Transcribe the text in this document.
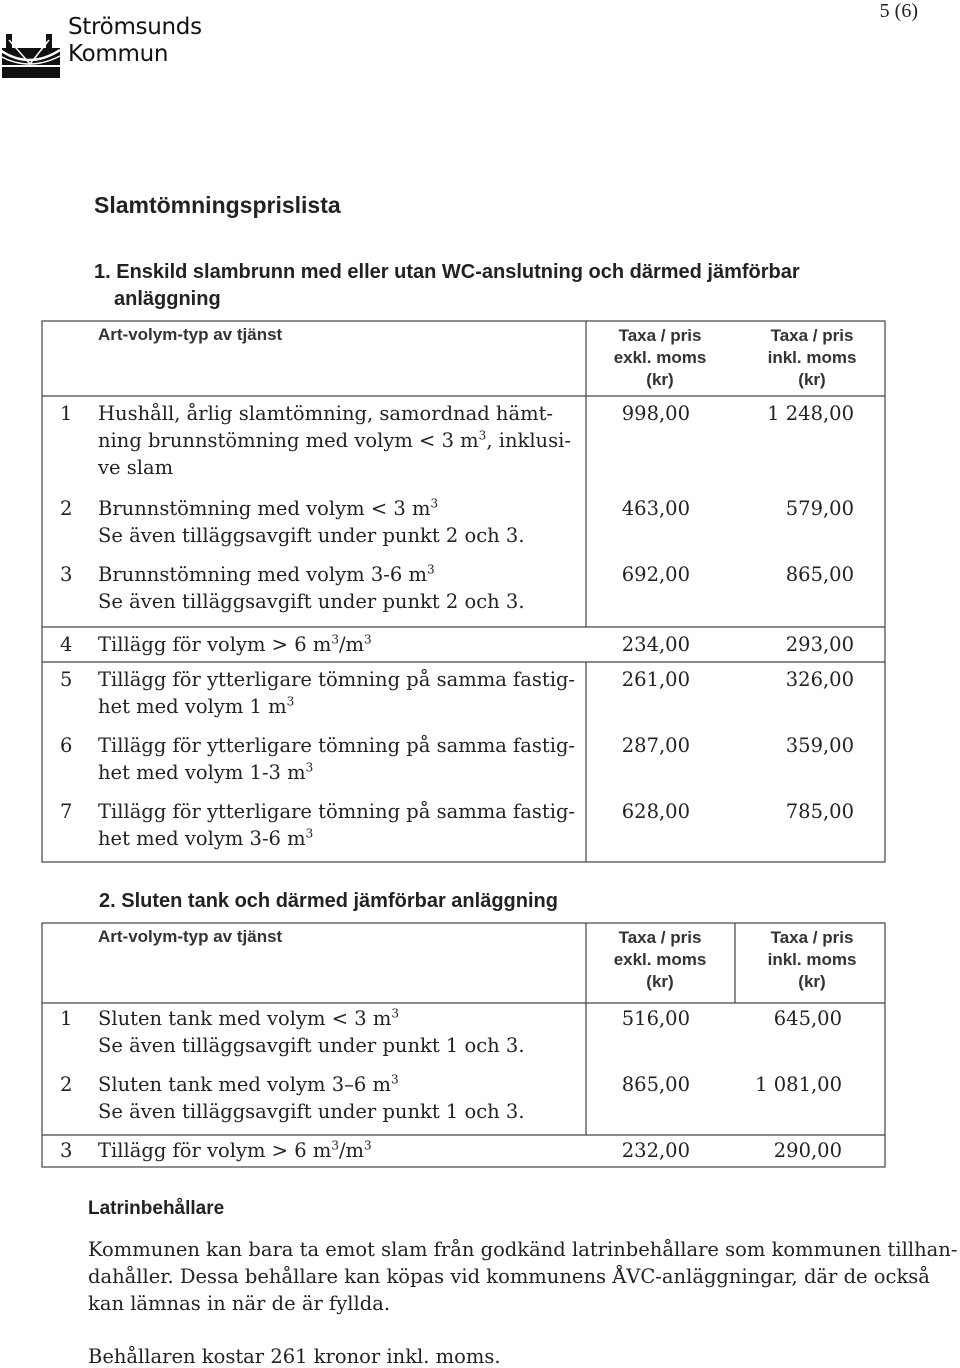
Strömsunds
Kommun
5 (6)
Slamtömningsprislista
1. Enskild slambrunn med eller utan WC-anslutning och därmed jämförbar
anläggning
Art-volym-typ av tjänst	Taxa / pris
exkl. moms
(kr)
Taxa / pris
inkl. moms
(kr)
1 Hushåll, årlig slamtömning, samordnad hämt-
ning brunnstömning med volym < 3 $m^3$, inklusi-
ve slam
998,00	1 248,00
2 Brunnstömning med volym < 3 $m^3$
Se även tilläggsavgift under punkt 2 och 3.
463,00	579,00
3 Brunnstömning med volym 3-6 $m^3$
Se även tilläggsavgift under punkt 2 och 3.
692,00	865,00
4 Tillägg för volym > 6 $m^3/m^3$	234,00	293,00
5 Tillägg för ytterligare tömning på samma fastig-
het med volym 1 $m^3$
261,00	326,00
6 Tillägg för ytterligare tömning på samma fastig-
het med volym 1-3 $m^3$
287,00	359,00
7 Tillägg för ytterligare tömning på samma fastig-
het med volym 3-6 $m^3$
628,00	785,00
2. Sluten tank och därmed jämförbar anläggning
Art-volym-typ av tjänst	Taxa / pris
exkl. moms
(kr)
Taxa / pris
inkl. moms
(kr)
1 Sluten tank med volym < 3 $m^3$
Se även tilläggsavgift under punkt 1 och 3.
516,00	645,00
2 Sluten tank med volym 3–6 $m^3$
Se även tilläggsavgift under punkt 1 och 3.
865,00	1 081,00
3 Tillägg för volym > 6 $m^3/m^3$	232,00	290,00
Latrinbehållare
Kommunen kan bara ta emot slam från godkänd latrinbehållare som kommunen tillhandahåller. Dessa behållare kan köpas vid kommunens ÅVC-anläggningar, där de också kan lämnas in när de är fyllda.
Behållaren kostar 261 kronor inkl. moms.
